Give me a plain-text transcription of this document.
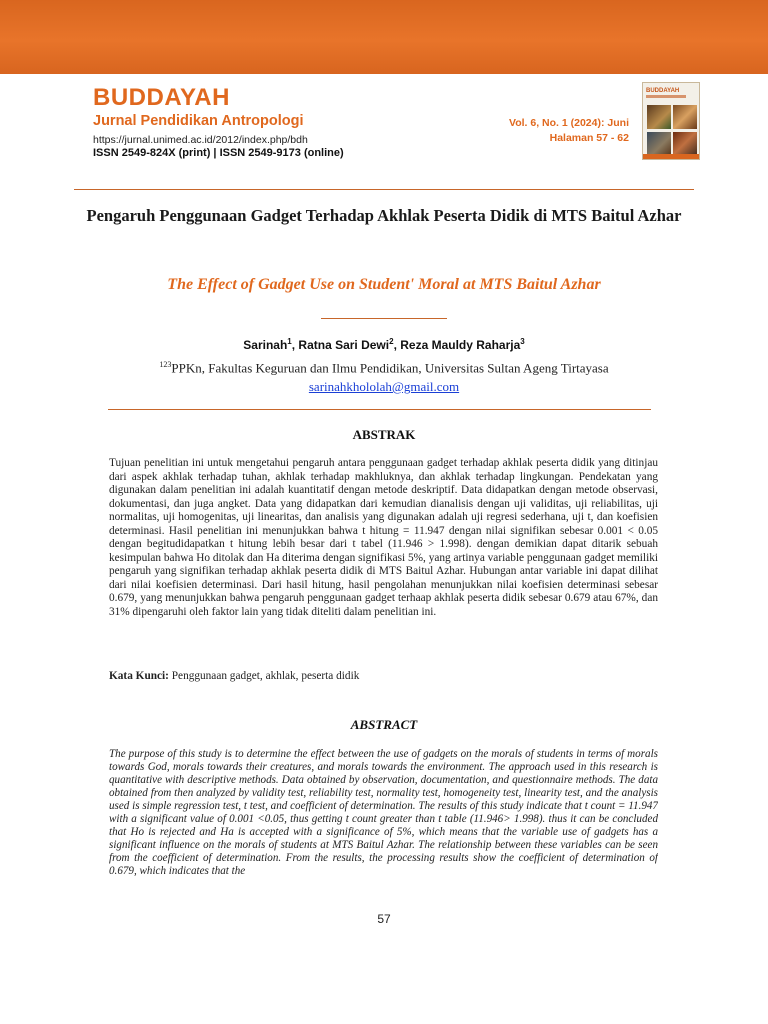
BUDDAYAH
Jurnal Pendidikan Antropologi
https://jurnal.unimed.ac.id/2012/index.php/bdh
ISSN 2549-824X (print) | ISSN 2549-9173 (online)
Vol. 6, No. 1 (2024): Juni
Halaman 57 - 62
BUDDAYAH
Pengaruh Penggunaan Gadget Terhadap Akhlak Peserta Didik di MTS Baitul Azhar
The Effect of Gadget Use on Student' Moral at MTS Baitul Azhar
Sarinah$^1$, Ratna Sari Dewi$^2$, Reza Mauldy Raharja$^3$
$^{123}$PPKn, Fakultas Keguruan dan Ilmu Pendidikan, Universitas Sultan Ageng Tirtayasa
sarinahkhololah@gmail.com
ABSTRAK
Tujuan penelitian ini untuk mengetahui pengaruh antara penggunaan gadget terhadap akhlak peserta didik yang ditinjau dari aspek akhlak terhadap tuhan, akhlak terhadap makhluknya, dan akhlak terhadap lingkungan. Pendekatan yang digunakan dalam penelitian ini adalah kuantitatif dengan metode deskriptif. Data didapatkan dengan metode observasi, dokumentasi, dan juga angket. Data yang didapatkan dari kemudian dianalisis dengan uji validitas, uji reliabilitas, uji normalitas, uji homogenitas, uji linearitas, dan analisis yang digunakan adalah uji regresi sederhana, uji t, dan koefisien determinasi. Hasil penelitian ini menunjukkan bahwa t hitung = 11.947 dengan nilai signifikan sebesar 0.001 < 0.05 dengan begitudidapatkan t hitung lebih besar dari t tabel (11.946 > 1.998). dengan demikian dapat ditarik sebuah kesimpulan bahwa Ho ditolak dan Ha diterima dengan signifikasi 5%, yang artinya variable penggunaan gadget memiliki pengaruh yang signifikan terhadap akhlak peserta didik di MTS Baitul Azhar. Hubungan antar variable ini dapat dilihat dari nilai koefisien determinasi. Dari hasil hitung, hasil pengolahan menunjukkan nilai koefisien determinasi sebesar 0.679, yang menunjukkan bahwa pengaruh penggunaan gadget terhaap akhlak peserta didik sebesar 0.679 atau 67%, dan 31% dipengaruhi oleh faktor lain yang tidak diteliti dalam penelitian ini.
Kata Kunci: Penggunaan gadget, akhlak, peserta didik
ABSTRACT
The purpose of this study is to determine the effect between the use of gadgets on the morals of students in terms of morals towards God, morals towards their creatures, and morals towards the environment. The approach used in this research is quantitative with descriptive methods. Data obtained by observation, documentation, and questionnaire methods. The data obtained from then analyzed by validity test, reliability test, normality test, homogeneity test, linearity test, and the analysis used is simple regression test, t test, and coefficient of determination. The results of this study indicate that t count = 11.947 with a significant value of 0.001 <0.05, thus getting t count greater than t table (11.946> 1.998). thus it can be concluded that Ho is rejected and Ha is accepted with a significance of 5%, which means that the variable use of gadgets has a significant influence on the morals of students at MTS Baitul Azhar. The relationship between these variables can be seen from the coefficient of determination. From the results, the processing results show the coefficient of determination of 0.679, which indicates that the
57
